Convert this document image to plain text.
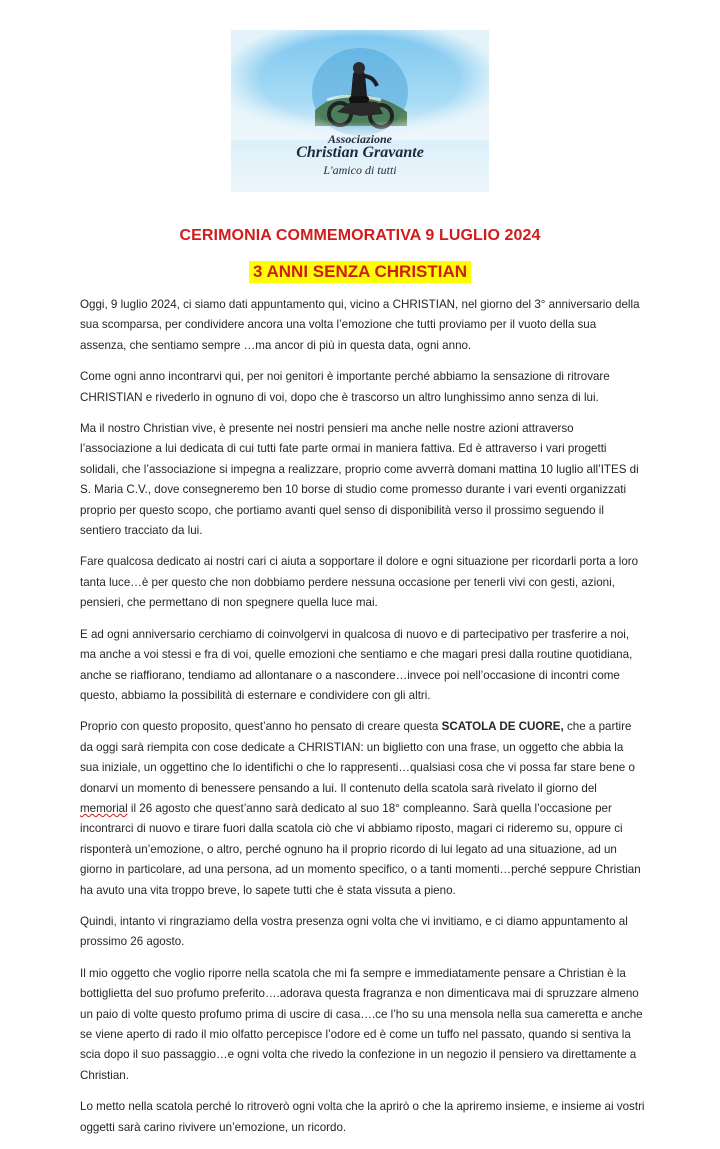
Associazione
Christian Gravante
L'amico di tutti
CERIMONIA COMMEMORATIVA 9 LUGLIO 2024
3 ANNI SENZA CHRISTIAN

Oggi, 9 luglio 2024, ci siamo dati appuntamento qui, vicino a CHRISTIAN, nel giorno del 3° anniversario della sua scomparsa, per condividere ancora una volta l’emozione che tutti proviamo per il vuoto della sua assenza, che sentiamo sempre …ma ancor di più in questa data, ogni anno.

Come ogni anno incontrarvi qui, per noi genitori è importante perché abbiamo la sensazione di ritrovare CHRISTIAN e rivederlo in ognuno di voi, dopo che è trascorso un altro lunghissimo anno senza di lui.

Ma il nostro Christian vive, è presente nei nostri pensieri ma anche nelle nostre azioni attraverso l’associazione a lui dedicata di cui tutti fate parte ormai in maniera fattiva. Ed è attraverso i vari progetti solidali, che l’associazione si impegna a realizzare, proprio come avverrà domani mattina 10 luglio all’ITES di S. Maria C.V., dove consegneremo ben 10 borse di studio come promesso durante i vari eventi organizzati proprio per questo scopo, che portiamo avanti quel senso di disponibilità verso il prossimo seguendo il sentiero tracciato da lui.

Fare qualcosa dedicato ai nostri cari ci aiuta a sopportare il dolore e ogni situazione per ricordarli porta a loro tanta luce…è per questo che non dobbiamo perdere nessuna occasione per tenerli vivi con gesti, azioni, pensieri, che permettano di non spegnere quella luce mai.

E ad ogni anniversario cerchiamo di coinvolgervi in qualcosa di nuovo e di partecipativo per trasferire a noi, ma anche a voi stessi e fra di voi, quelle emozioni che sentiamo e che magari presi dalla routine quotidiana, anche se riaffiorano, tendiamo ad allontanare o a nascondere…invece poi nell’occasione di incontri come questo, abbiamo la possibilità di esternare e condividere con gli altri.

Proprio con questo proposito, quest’anno ho pensato di creare questa SCATOLA DE CUORE, che a partire da oggi sarà riempita con cose dedicate a CHRISTIAN: un biglietto con una frase, un oggetto che abbia la sua iniziale, un oggettino che lo identifichi o che lo rappresenti…qualsiasi cosa che vi possa far stare bene o donarvi un momento di benessere pensando a lui. Il contenuto della scatola sarà rivelato il giorno del memorial il 26 agosto che quest’anno sarà dedicato al suo 18° compleanno. Sarà quella l’occasione per incontrarci di nuovo e tirare fuori dalla scatola ciò che vi abbiamo riposto, magari ci rideremo su, oppure ci risponterà un’emozione, o altro, perché ognuno ha il proprio ricordo di lui legato ad una situazione, ad un giorno in particolare, ad una persona, ad un momento specifico, o a tanti momenti…perché seppure Christian ha avuto una vita troppo breve, lo sapete tutti che è stata vissuta a pieno.

Quindi, intanto vi ringraziamo della vostra presenza ogni volta che vi invitiamo, e ci diamo appuntamento al prossimo 26 agosto.

Il mio oggetto che voglio riporre nella scatola che mi fa sempre e immediatamente pensare a Christian è la bottiglietta del suo profumo preferito….adorava questa fragranza e non dimenticava mai di spruzzare almeno un paio di volte questo profumo prima di uscire di casa….ce l’ho su una mensola nella sua cameretta e anche se viene aperto di rado il mio olfatto percepisce l’odore ed è come un tuffo nel passato, quando si sentiva la scia dopo il suo passaggio…e ogni volta che rivedo la confezione in un negozio il pensiero va direttamente a Christian.

Lo metto nella scatola perché lo ritroverò ogni volta che la aprirò o che la apriremo insieme, e insieme ai vostri oggetti sarà carino rivivere un’emozione, un ricordo.
